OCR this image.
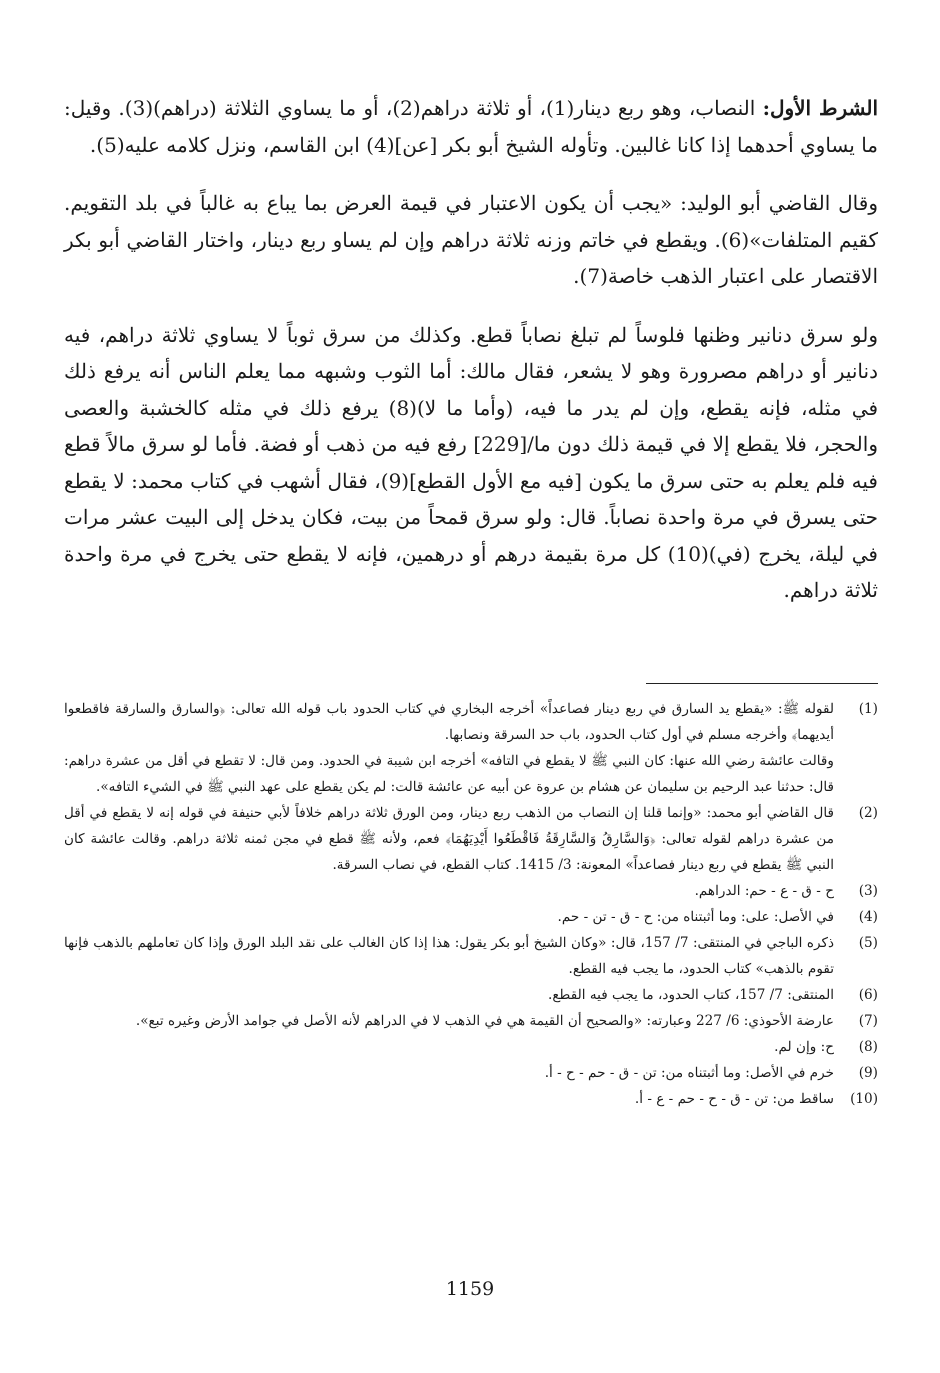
الشرط الأول: النصاب، وهو ربع دينار(1)، أو ثلاثة دراهم(2)، أو ما يساوي الثلاثة (دراهم)(3). وقيل: ما يساوي أحدهما إذا كانا غالبين. وتأوله الشيخ أبو بكر [عن](4) ابن القاسم، ونزل كلامه عليه(5).

وقال القاضي أبو الوليد: «يجب أن يكون الاعتبار في قيمة العرض بما يباع به غالباً في بلد التقويم. كقيم المتلفات»(6). ويقطع في خاتم وزنه ثلاثة دراهم وإن لم يساو ربع دينار، واختار القاضي أبو بكر الاقتصار على اعتبار الذهب خاصة(7).

ولو سرق دنانير وظنها فلوساً لم تبلغ نصاباً قطع. وكذلك من سرق ثوباً لا يساوي ثلاثة دراهم، فيه دنانير أو دراهم مصرورة وهو لا يشعر، فقال مالك: أما الثوب وشبهه مما يعلم الناس أنه يرفع ذلك في مثله، فإنه يقطع، وإن لم يدر ما فيه، (وأما ما لا)(8) يرفع ذلك في مثله كالخشبة والعصى والحجر، فلا يقطع إلا في قيمة ذلك دون ما/[229] رفع فيه من ذهب أو فضة. فأما لو سرق مالاً قطع فيه فلم يعلم به حتى سرق ما يكون [فيه مع الأول القطع](9)، فقال أشهب في كتاب محمد: لا يقطع حتى يسرق في مرة واحدة نصاباً. قال: ولو سرق قمحاً من بيت، فكان يدخل إلى البيت عشر مرات في ليلة، يخرج (في)(10) كل مرة بقيمة درهم أو درهمين، فإنه لا يقطع حتى يخرج في مرة واحدة ثلاثة دراهم.

(1)
لقوله ﷺ: «يقطع يد السارق في ربع دينار فصاعداً» أخرجه البخاري في كتاب الحدود باب قوله الله تعالى: ﴿والسارق والسارقة فاقطعوا أيديهما﴾ وأخرجه مسلم في أول كتاب الحدود، باب حد السرقة ونصابها.
وقالت عائشة رضي الله عنها: كان النبي ﷺ لا يقطع في التافه» أخرجه ابن شيبة في الحدود. ومن قال: لا تقطع في أقل من عشرة دراهم: قال: حدثنا عبد الرحيم بن سليمان عن هشام بن عروة عن أبيه عن عائشة قالت: لم يكن يقطع على عهد النبي ﷺ في الشيء التافه».
(2)
قال القاضي أبو محمد: «وإنما قلنا إن النصاب من الذهب ربع دينار، ومن الورق ثلاثة دراهم خلافاً لأبي حنيفة في قوله إنه لا يقطع في أقل من عشرة دراهم لقوله تعالى: ﴿وَالسَّارِقُ وَالسَّارِقَةُ فَاقْطَعُوا أَيْدِيَهُمَا﴾ فعم، ولأنه ﷺ قطع في مجن ثمنه ثلاثة دراهم. وقالت عائشة كان النبي ﷺ يقطع في ربع دينار فصاعداً» المعونة: 3/ 1415. كتاب القطع، في نصاب السرقة.
(3)
ح - ق - ع - حم: الدراهم.
(4)
في الأصل: على: وما أثبتناه من: ح - ق - تن - حم.
(5)
ذكره الباجي في المنتقى: 7/ 157، قال: «وكان الشيخ أبو بكر يقول: هذا إذا كان الغالب على نقد البلد الورق وإذا كان تعاملهم بالذهب فإنها تقوم بالذهب» كتاب الحدود، ما يجب فيه القطع.
(6)
المنتقى: 7/ 157، كتاب الحدود، ما يجب فيه القطع.
(7)
عارضة الأحوذي: 6/ 227 وعبارته: «والصحيح أن القيمة هي في الذهب لا في الدراهم لأنه الأصل في جوامد الأرض وغيره تبع».
(8)
ح: وإن لم.
(9)
خرم في الأصل: وما أثبتناه من: تن - ق - حم - ح - أ.
(10)
ساقط من: تن - ق - ح - حم - ع - أ.
1159
